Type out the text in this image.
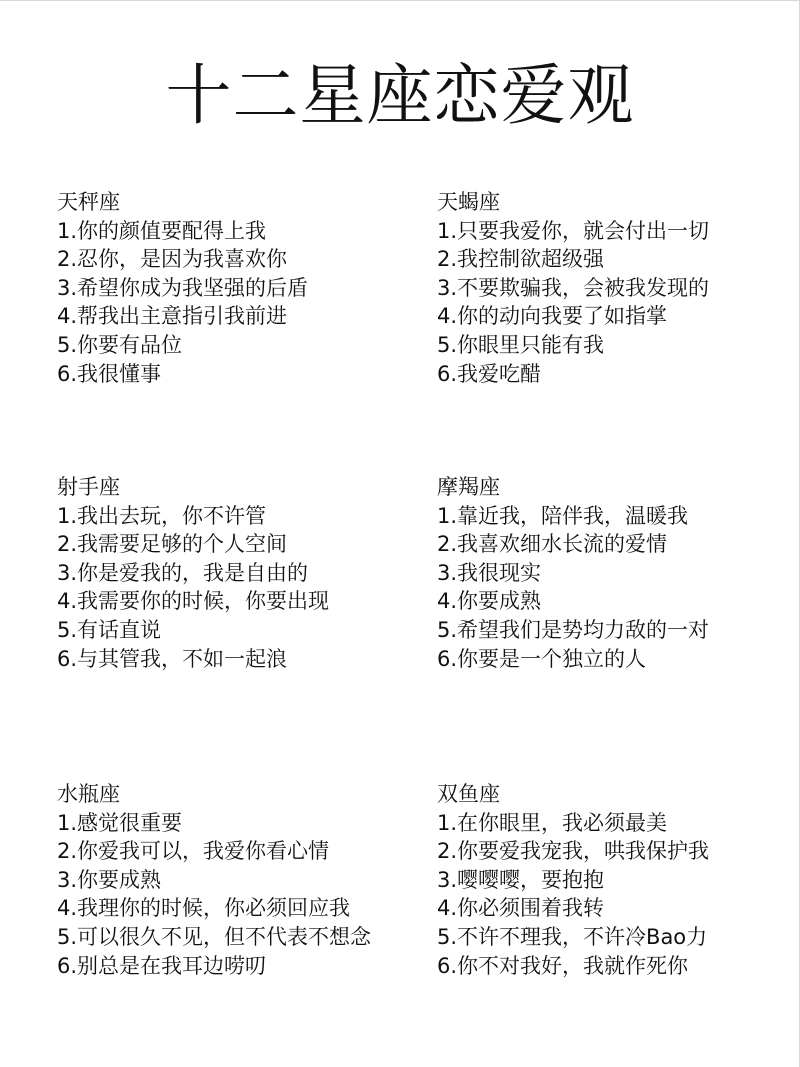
十二星座恋爱观
天秤座
1.你的颜值要配得上我
2.忍你，是因为我喜欢你
3.希望你成为我坚强的后盾
4.帮我出主意指引我前进
5.你要有品位
6.我很懂事
天蝎座
1.只要我爱你，就会付出一切
2.我控制欲超级强
3.不要欺骗我，会被我发现的
4.你的动向我要了如指掌
5.你眼里只能有我
6.我爱吃醋
射手座
1.我出去玩，你不许管
2.我需要足够的个人空间
3.你是爱我的，我是自由的
4.我需要你的时候，你要出现
5.有话直说
6.与其管我，不如一起浪
摩羯座
1.靠近我，陪伴我，温暖我
2.我喜欢细水长流的爱情
3.我很现实
4.你要成熟
5.希望我们是势均力敌的一对
6.你要是一个独立的人
水瓶座
1.感觉很重要
2.你爱我可以，我爱你看心情
3.你要成熟
4.我理你的时候，你必须回应我
5.可以很久不见，但不代表不想念
6.别总是在我耳边唠叨
双鱼座
1.在你眼里，我必须最美
2.你要爱我宠我，哄我保护我
3.嘤嘤嘤，要抱抱
4.你必须围着我转
5.不许不理我，不许冷Bao力
6.你不对我好，我就作死你
